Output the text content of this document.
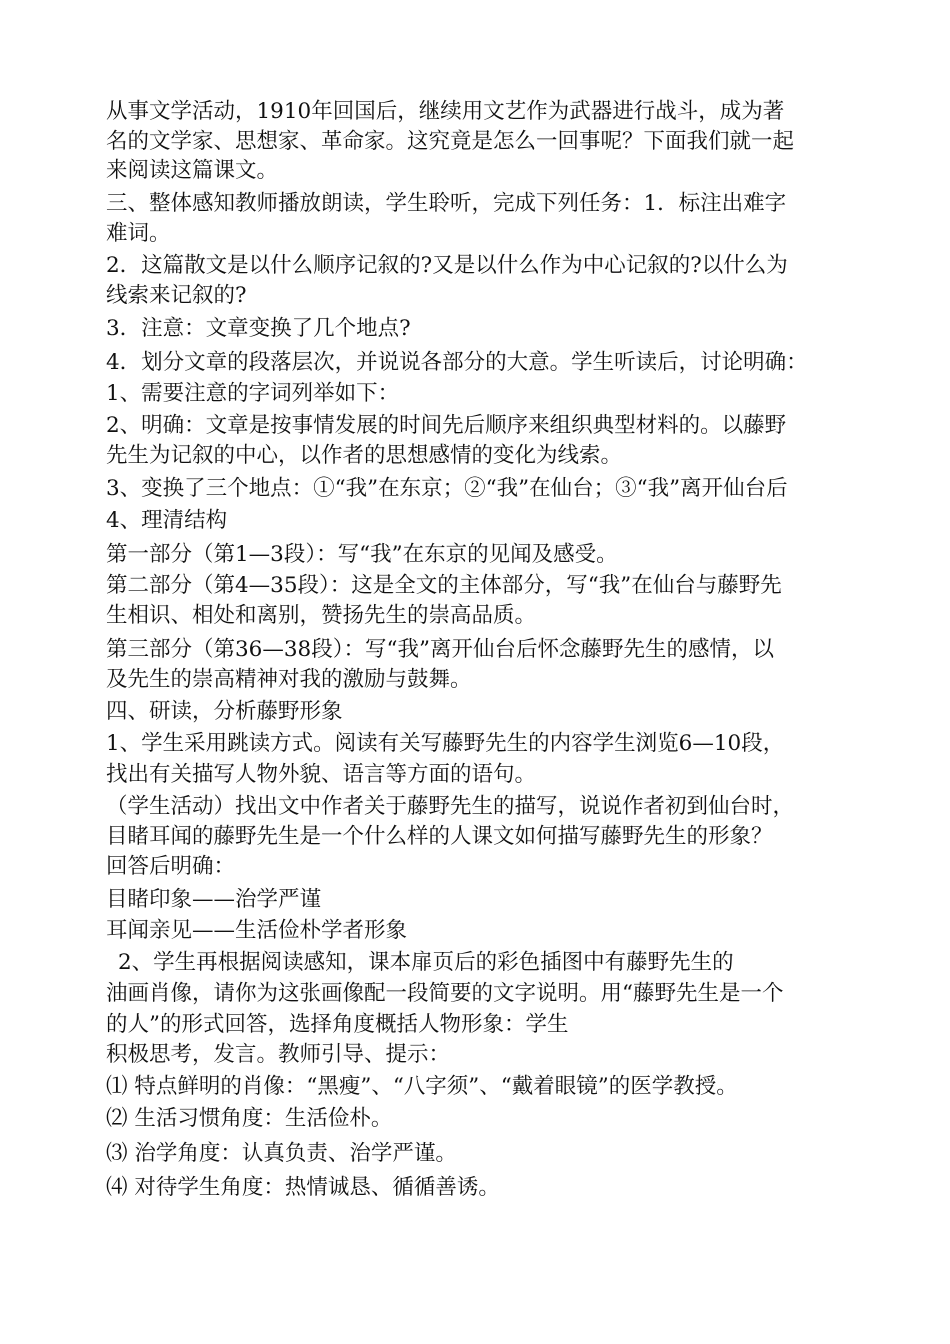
从事文学活动，1910年回国后，继续用文艺作为武器进行战斗，成为著
名的文学家、思想家、革命家。这究竟是怎么一回事呢？下面我们就一起
来阅读这篇课文。
三、整体感知教师播放朗读，学生聆听，完成下列任务：1．标注出难字
难词。
2．这篇散文是以什么顺序记叙的?又是以什么作为中心记叙的?以什么为
线索来记叙的?
3．注意：文章变换了几个地点?
4．划分文章的段落层次，并说说各部分的大意。学生听读后，讨论明确：
1、需要注意的字词列举如下：
2、明确：文章是按事情发展的时间先后顺序来组织典型材料的。以藤野
先生为记叙的中心，以作者的思想感情的变化为线索。
3、变换了三个地点：①“我”在东京；②“我”在仙台；③“我”离开仙台后
4、理清结构
第一部分（第1—3段）：写“我”在东京的见闻及感受。
第二部分（第4—35段）：这是全文的主体部分，写“我”在仙台与藤野先
生相识、相处和离别，赞扬先生的崇高品质。
第三部分（第36—38段）：写“我”离开仙台后怀念藤野先生的感情，以
及先生的崇高精神对我的激励与鼓舞。
四、研读，分析藤野形象
1、学生采用跳读方式。阅读有关写藤野先生的内容学生浏览6—10段，
找出有关描写人物外貌、语言等方面的语句。
（学生活动）找出文中作者关于藤野先生的描写，说说作者初到仙台时，
目睹耳闻的藤野先生是一个什么样的人课文如何描写藤野先生的形象？
回答后明确：
目睹印象——治学严谨
耳闻亲见——生活俭朴学者形象
2、学生再根据阅读感知，课本扉页后的彩色插图中有藤野先生的
油画肖像，请你为这张画像配一段简要的文字说明。用“藤野先生是一个
的人”的形式回答，选择角度概括人物形象：学生
积极思考，发言。教师引导、提示：
⑴ 特点鲜明的肖像：“黑瘦”、“八字须”、“戴着眼镜”的医学教授。
⑵ 生活习惯角度：生活俭朴。
⑶ 治学角度：认真负责、治学严谨。
⑷ 对待学生角度：热情诚恳、循循善诱。
